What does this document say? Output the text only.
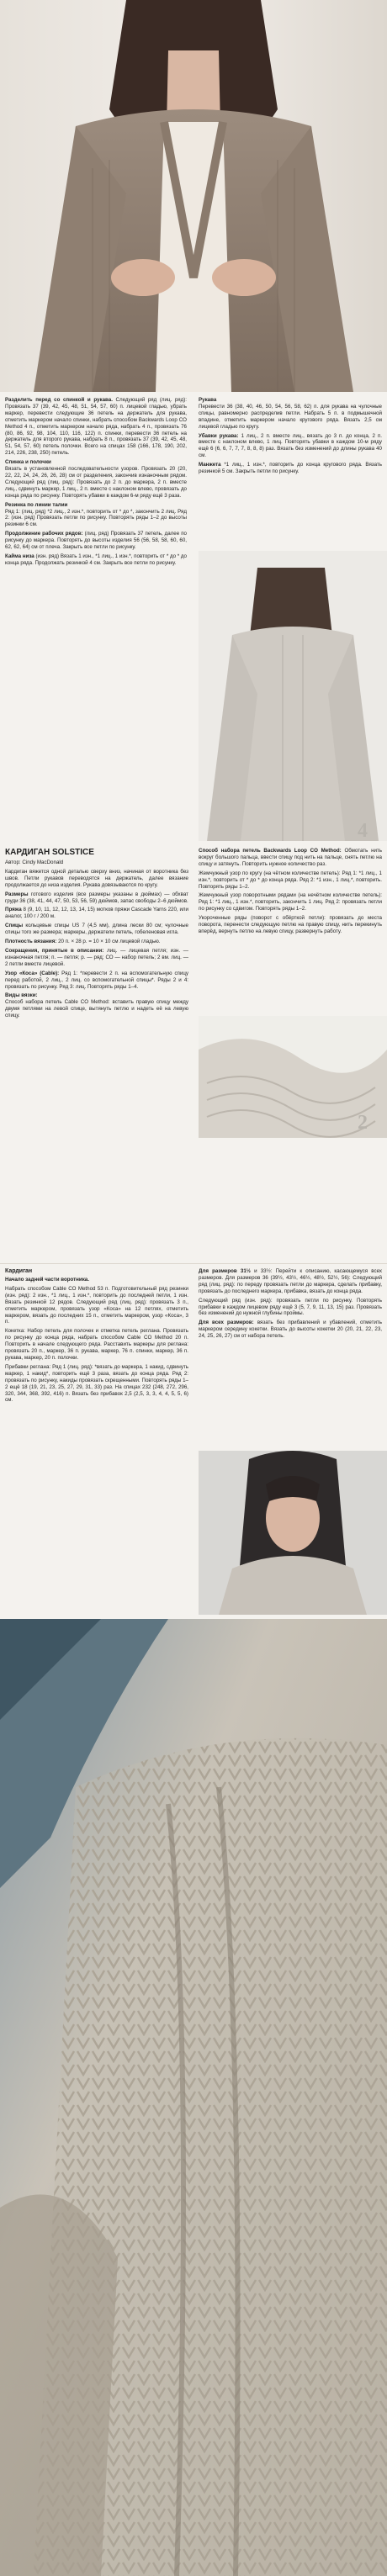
Разделить перед со спинкой и рукава. Следующий ряд (лиц. ряд): Провязать 37 (39, 42, 45, 48, 51, 54, 57, 60) п. лицевой гладью, убрать маркер, перевести следующие 36 петель на держатель для рукава, отметить маркером начало спинки, набрать способом Backwards Loop CO Method 4 п., отметить маркером начало ряда, набрать 4 п., провязать 76 (80, 86, 92, 98, 104, 110, 116, 122) п. спинки, перевести 36 петель на держатель для второго рукава, набрать 8 п., провязать 37 (39, 42, 45, 48, 51, 54, 57, 60) петель полочки. Всего на спицах 158 (166, 178, 190, 202, 214, 226, 238, 250) петель.

Спинка и полочки
Вязать в установленной последовательности узоров. Провязать 20 (20, 22, 22, 24, 24, 26, 26, 28) см от разделения, закончив изнаночным рядом. Следующий ряд (лиц. ряд): Провязать до 2 п. до маркера, 2 п. вместе лиц., сдвинуть маркер, 1 лиц., 2 п. вместе с наклоном влево, провязать до конца ряда по рисунку. Повторять убавки в каждом 6-м ряду ещё 3 раза.

Резинка по линии талии
Ряд 1: (лиц. ряд) *2 лиц., 2 изн.*, повторить от * до *, закончить 2 лиц. Ряд 2: (изн. ряд) Провязать петли по рисунку. Повторять ряды 1–2 до высоты резинки 6 см.

Продолжение рабочих рядов: (лиц. ряд) Провязать 37 петель, далее по рисунку до маркера. Повторять до высоты изделия 56 (56, 58, 58, 60, 60, 62, 62, 64) см от плеча. Закрыть все петли по рисунку.

Кайма низа (изн. ряд) Вязать 1 изн., *1 лиц., 1 изн.*, повторить от * до * до конца ряда. Продолжать резинкой 4 см. Закрыть все петли по рисунку.

Рукава
Перевести 36 (38, 40, 46, 50, 54, 56, 58, 62) п. для рукава на чулочные спицы, равномерно распределив петли. Набрать 5 п. в подмышечной впадине, отметить маркером начало кругового ряда. Вязать 2,5 см лицевой гладью по кругу.

Убавки рукава: 1 лиц., 2 п. вместе лиц., вязать до 3 п. до конца, 2 п. вместе с наклоном влево, 1 лиц. Повторять убавки в каждом 10-м ряду ещё 6 (6, 6, 7, 7, 7, 8, 8, 8) раз. Вязать без изменений до длины рукава 40 см.

Манжета *1 лиц., 1 изн.*, повторить до конца кругового ряда. Вязать резинкой 5 см. Закрыть петли по рисунку.

4
КАРДИГАН SOLSTICE

Автор: Cindy MacDonald

Кардиган вяжется одной деталью сверху вниз, начиная от воротника без швов. Петли рукавов переводятся на держатель, далее вязание продолжается до низа изделия. Рукава довязываются по кругу.

Размеры готового изделия (все размеры указаны в дюймах) — обхват груди 36 (38, 41, 44, 47, 50, 53, 56, 59) дюймов, запас свободы 2–6 дюймов.

Пряжа 8 (9, 10, 11, 12, 12, 13, 14, 15) мотков пряжи Cascade Yarns 220, или аналог, 100 г / 200 м.

Спицы кольцевые спицы US 7 (4,5 мм), длина лески 80 см; чулочные спицы того же размера; маркеры, держатели петель, гобеленовая игла.

Плотность вязания: 20 п. × 28 р. = 10 × 10 см лицевой гладью.

Сокращения, принятые в описании: лиц. — лицевая петля; изн. — изнаночная петля; п. — петля; р. — ряд; СО — набор петель; 2 вм. лиц. — 2 петли вместе лицевой.

Узор «Коса» (Cable): Ряд 1: *перевести 2 п. на вспомогательную спицу перед работой, 2 лиц., 2 лиц. со вспомогательной спицы*. Ряды 2 и 4: провязать по рисунку. Ряд 3: лиц. Повторять ряды 1–4.

Виды вязки:
Способ набора петель Cable CO Method: вставить правую спицу между двумя петлями на левой спице, вытянуть петлю и надеть её на левую спицу.

Способ набора петель Backwards Loop CO Method: Обмотать нить вокруг большого пальца, ввести спицу под нить на пальце, снять петлю на спицу и затянуть. Повторить нужное количество раз.

Жемчужный узор по кругу (на чётном количестве петель): Ряд 1: *1 лиц., 1 изн.*, повторить от * до * до конца ряда. Ряд 2: *1 изн., 1 лиц.*, повторить. Повторять ряды 1–2.

Жемчужный узор поворотными рядами (на нечётном количестве петель): Ряд 1: *1 лиц., 1 изн.*, повторить, закончить 1 лиц. Ряд 2: провязать петли по рисунку со сдвигом. Повторять ряды 1–2.

Укороченные ряды (поворот с обёрткой петли): провязать до места поворота, перенести следующую петлю на правую спицу, нить перекинуть вперёд, вернуть петлю на левую спицу, развернуть работу.

2
Кардиган

Начало задней части воротника.

Набрать способом Cable CO Method 53 п. Подготовительный ряд резинки (изн. ряд): 2 изн., *1 лиц., 1 изн.*, повторить до последней петли, 1 изн. Вязать резинкой 12 рядов. Следующий ряд (лиц. ряд): провязать 3 п., отметить маркером, провязать узор «Коса» на 12 петлях, отметить маркером, вязать до последних 15 п., отметить маркером, узор «Коса», 3 п.

Кокетка: Набор петель для полочек и отметка петель реглана. Провязать по рисунку до конца ряда, набрать способом Cable CO Method 20 п. Повторить в начале следующего ряда. Расставить маркеры для реглана: провязать 20 п., маркер, 36 п. рукава, маркер, 76 п. спинки, маркер, 36 п. рукава, маркер, 20 п. полочки.

Прибавки реглана: Ряд 1 (лиц. ряд): *вязать до маркера, 1 накид, сдвинуть маркер, 1 накид*, повторить ещё 3 раза, вязать до конца ряда. Ряд 2: провязать по рисунку, накиды провязать скрещенными. Повторять ряды 1–2 ещё 18 (19, 21, 23, 25, 27, 29, 31, 33) раз. На спицах 232 (248, 272, 296, 320, 344, 368, 392, 416) п. Вязать без прибавок 2,5 (2,5, 3, 3, 4, 4, 5, 5, 6) см.

Для размеров 31½ и 33½: Перейти к описанию, касающемуся всех размеров. Для размеров 36 (39½, 43½, 46½, 48½, 52½, 56): Следующий ряд (лиц. ряд): по переду провязать петли до маркера, сделать прибавку, провязать до последнего маркера, прибавка, вязать до конца ряда.

Следующий ряд (изн. ряд): провязать петли по рисунку. Повторять прибавки в каждом лицевом ряду ещё 3 (5, 7, 9, 11, 13, 15) раз. Провязать без изменений до нужной глубины проймы.

Для всех размеров: вязать без прибавлений и убавлений, отметить маркером середину кокетки. Вязать до высоты кокетки 20 (20, 21, 22, 23, 24, 25, 26, 27) см от набора петель.
